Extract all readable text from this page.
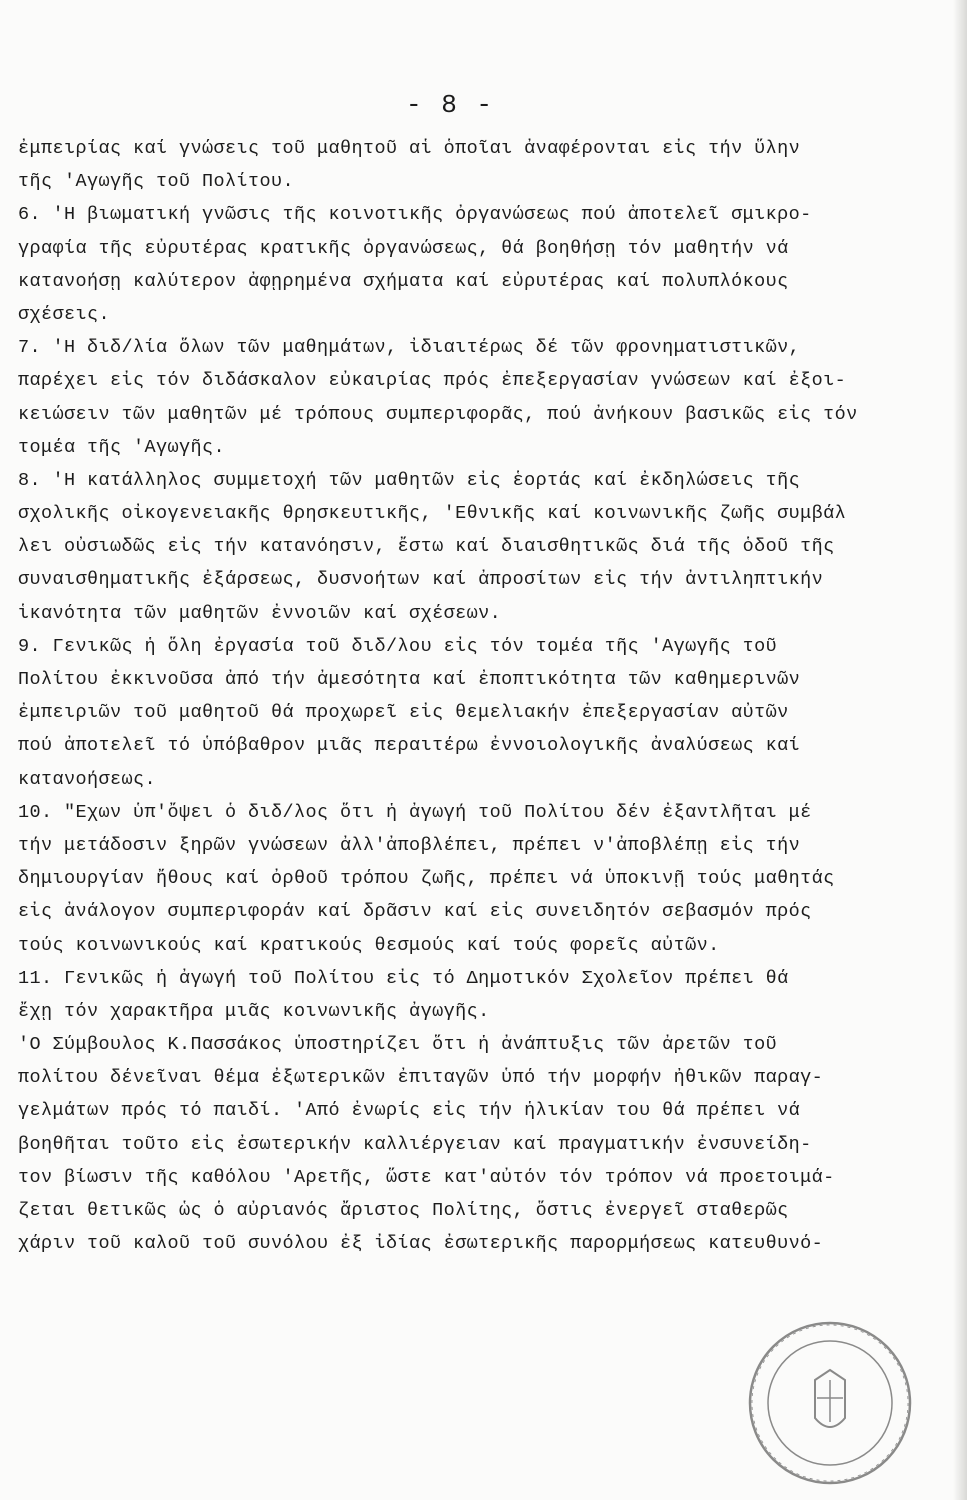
- 8 -
ἐμπειρίας καί γνώσεις τοῦ μαθητοῦ αἱ ὁποῖαι ἀναφέρονται εἰς τήν ὕλην
τῆς 'Αγωγῆς τοῦ Πολίτου.
6. 'Η βιωματική γνῶσις τῆς κοινοτικῆς ὀργανώσεως πού ἀποτελεῖ σμικρο-
γραφία τῆς εὐρυτέρας κρατικῆς ὀργανώσεως, θά βοηθήσῃ τόν μαθητήν νά
κατανοήσῃ καλύτερον ἀφῃρημένα σχήματα καί εὐρυτέρας καί πολυπλόκους
σχέσεις.
7. 'Η διδ/λία ὅλων τῶν μαθημάτων, ἰδιαιτέρως δέ τῶν φρονηματιστικῶν,
παρέχει εἰς τόν διδάσκαλον εὐκαιρίας πρός ἐπεξεργασίαν γνώσεων καί ἐξοι-
κειώσειν τῶν μαθητῶν μέ τρόπους συμπεριφορᾶς, πού ἀνήκουν βασικῶς εἰς τόν
τομέα τῆς 'Αγωγῆς.
8. 'Η κατάλληλος συμμετοχή τῶν μαθητῶν εἰς ἑορτάς καί ἐκδηλώσεις τῆς
σχολικῆς οἰκογενειακῆς θρησκευτικῆς, 'Εθνικῆς καί κοινωνικῆς ζωῆς συμβάλ
λει οὐσιωδῶς εἰς τήν κατανόησιν, ἔστω καί διαισθητικῶς διά τῆς ὁδοῦ τῆς
συναισθηματικῆς ἐξάρσεως, δυσνοήτων καί ἀπροσίτων εἰς τήν ἀντιληπτικήν
ἱκανότητα τῶν μαθητῶν ἐννοιῶν καί σχέσεων.
9. Γενικῶς ἡ ὅλη ἐργασία τοῦ διδ/λου εἰς τόν τομέα τῆς 'Αγωγῆς τοῦ
Πολίτου ἐκκινοῦσα ἀπό τήν ἀμεσότητα καί ἐποπτικότητα τῶν καθημερινῶν
ἐμπειριῶν τοῦ μαθητοῦ θά προχωρεῖ εἰς θεμελιακήν ἐπεξεργασίαν αὐτῶν
πού ἀποτελεῖ τό ὑπόβαθρον μιᾶς περαιτέρω ἐννοιολογικῆς ἀναλύσεως καί
κατανοήσεως.
10. "Εχων ὑπ'ὄψει ὁ διδ/λος ὅτι ἡ ἀγωγή τοῦ Πολίτου δέν ἐξαντλῆται μέ
τήν μετάδοσιν ξηρῶν γνώσεων ἀλλ'ἀποβλέπει, πρέπει ν'ἀποβλέπῃ εἰς τήν
δημιουργίαν ἤθους καί ὀρθοῦ τρόπου ζωῆς, πρέπει νά ὑποκινῇ τούς μαθητάς
εἰς ἀνάλογον συμπεριφοράν καί δρᾶσιν καί εἰς συνειδητόν σεβασμόν πρός
τούς κοινωνικούς καί κρατικούς θεσμούς καί τούς φορεῖς αὐτῶν.
11. Γενικῶς ἡ ἀγωγή τοῦ Πολίτου εἰς τό Δημοτικόν Σχολεῖον πρέπει θά
ἔχῃ τόν χαρακτῆρα μιᾶς κοινωνικῆς ἀγωγῆς.
'Ο Σύμβουλος Κ.Πασσάκος ὑποστηρίζει ὅτι ἡ ἀνάπτυξις τῶν ἀρετῶν τοῦ
πολίτου δένεῖναι θέμα ἐξωτερικῶν ἐπιταγῶν ὑπό τήν μορφήν ἠθικῶν παραγ-
γελμάτων πρός τό παιδί. 'Από ἐνωρίς εἰς τήν ἡλικίαν του θά πρέπει νά
βοηθῆται τοῦτο εἰς ἐσωτερικήν καλλιέργειαν καί πραγματικήν ἐνσυνείδη-
τον βίωσιν τῆς καθόλου 'Αρετῆς, ὥστε κατ'αὐτόν τόν τρόπον νά προετοιμά-
ζεται θετικῶς ὡς ὁ αὐριανός ἄριστος Πολίτης, ὅστις ἐνεργεῖ σταθερῶς
χάριν τοῦ καλοῦ τοῦ συνόλου ἐξ ἰδίας ἐσωτερικῆς παρορμήσεως κατευθυνό-
